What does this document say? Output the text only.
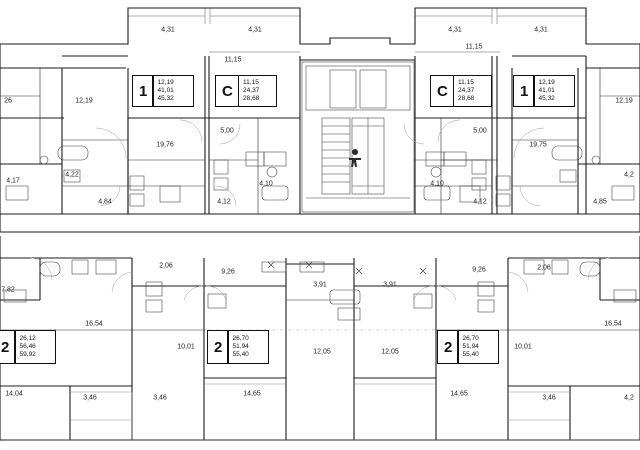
1	12,19
41,01
45,32	C	11,15
24,37
28,68	C	11,15
24,37
28,68	1	12,19
41,01
45,32
2	26,12
56,46
59,92	2	26,70
51,94
55,40	2	26,70
51,94
55,40
4,31	4,31	4,31	4,31
11,15
11,15
12,19	12,19
26
19,76	19,75
5,00	5,00
4,17
4,22
4,10	4,10
4,2
4,84	4,12	4,12	4,85
2,06	2,06
9,26	9,26
3,91	3,91
7,82
16,54	16,54
10,01	10,01
12,05	12,05
14,65	14,65
14,04
3,46	3,46	3,46	4,2
